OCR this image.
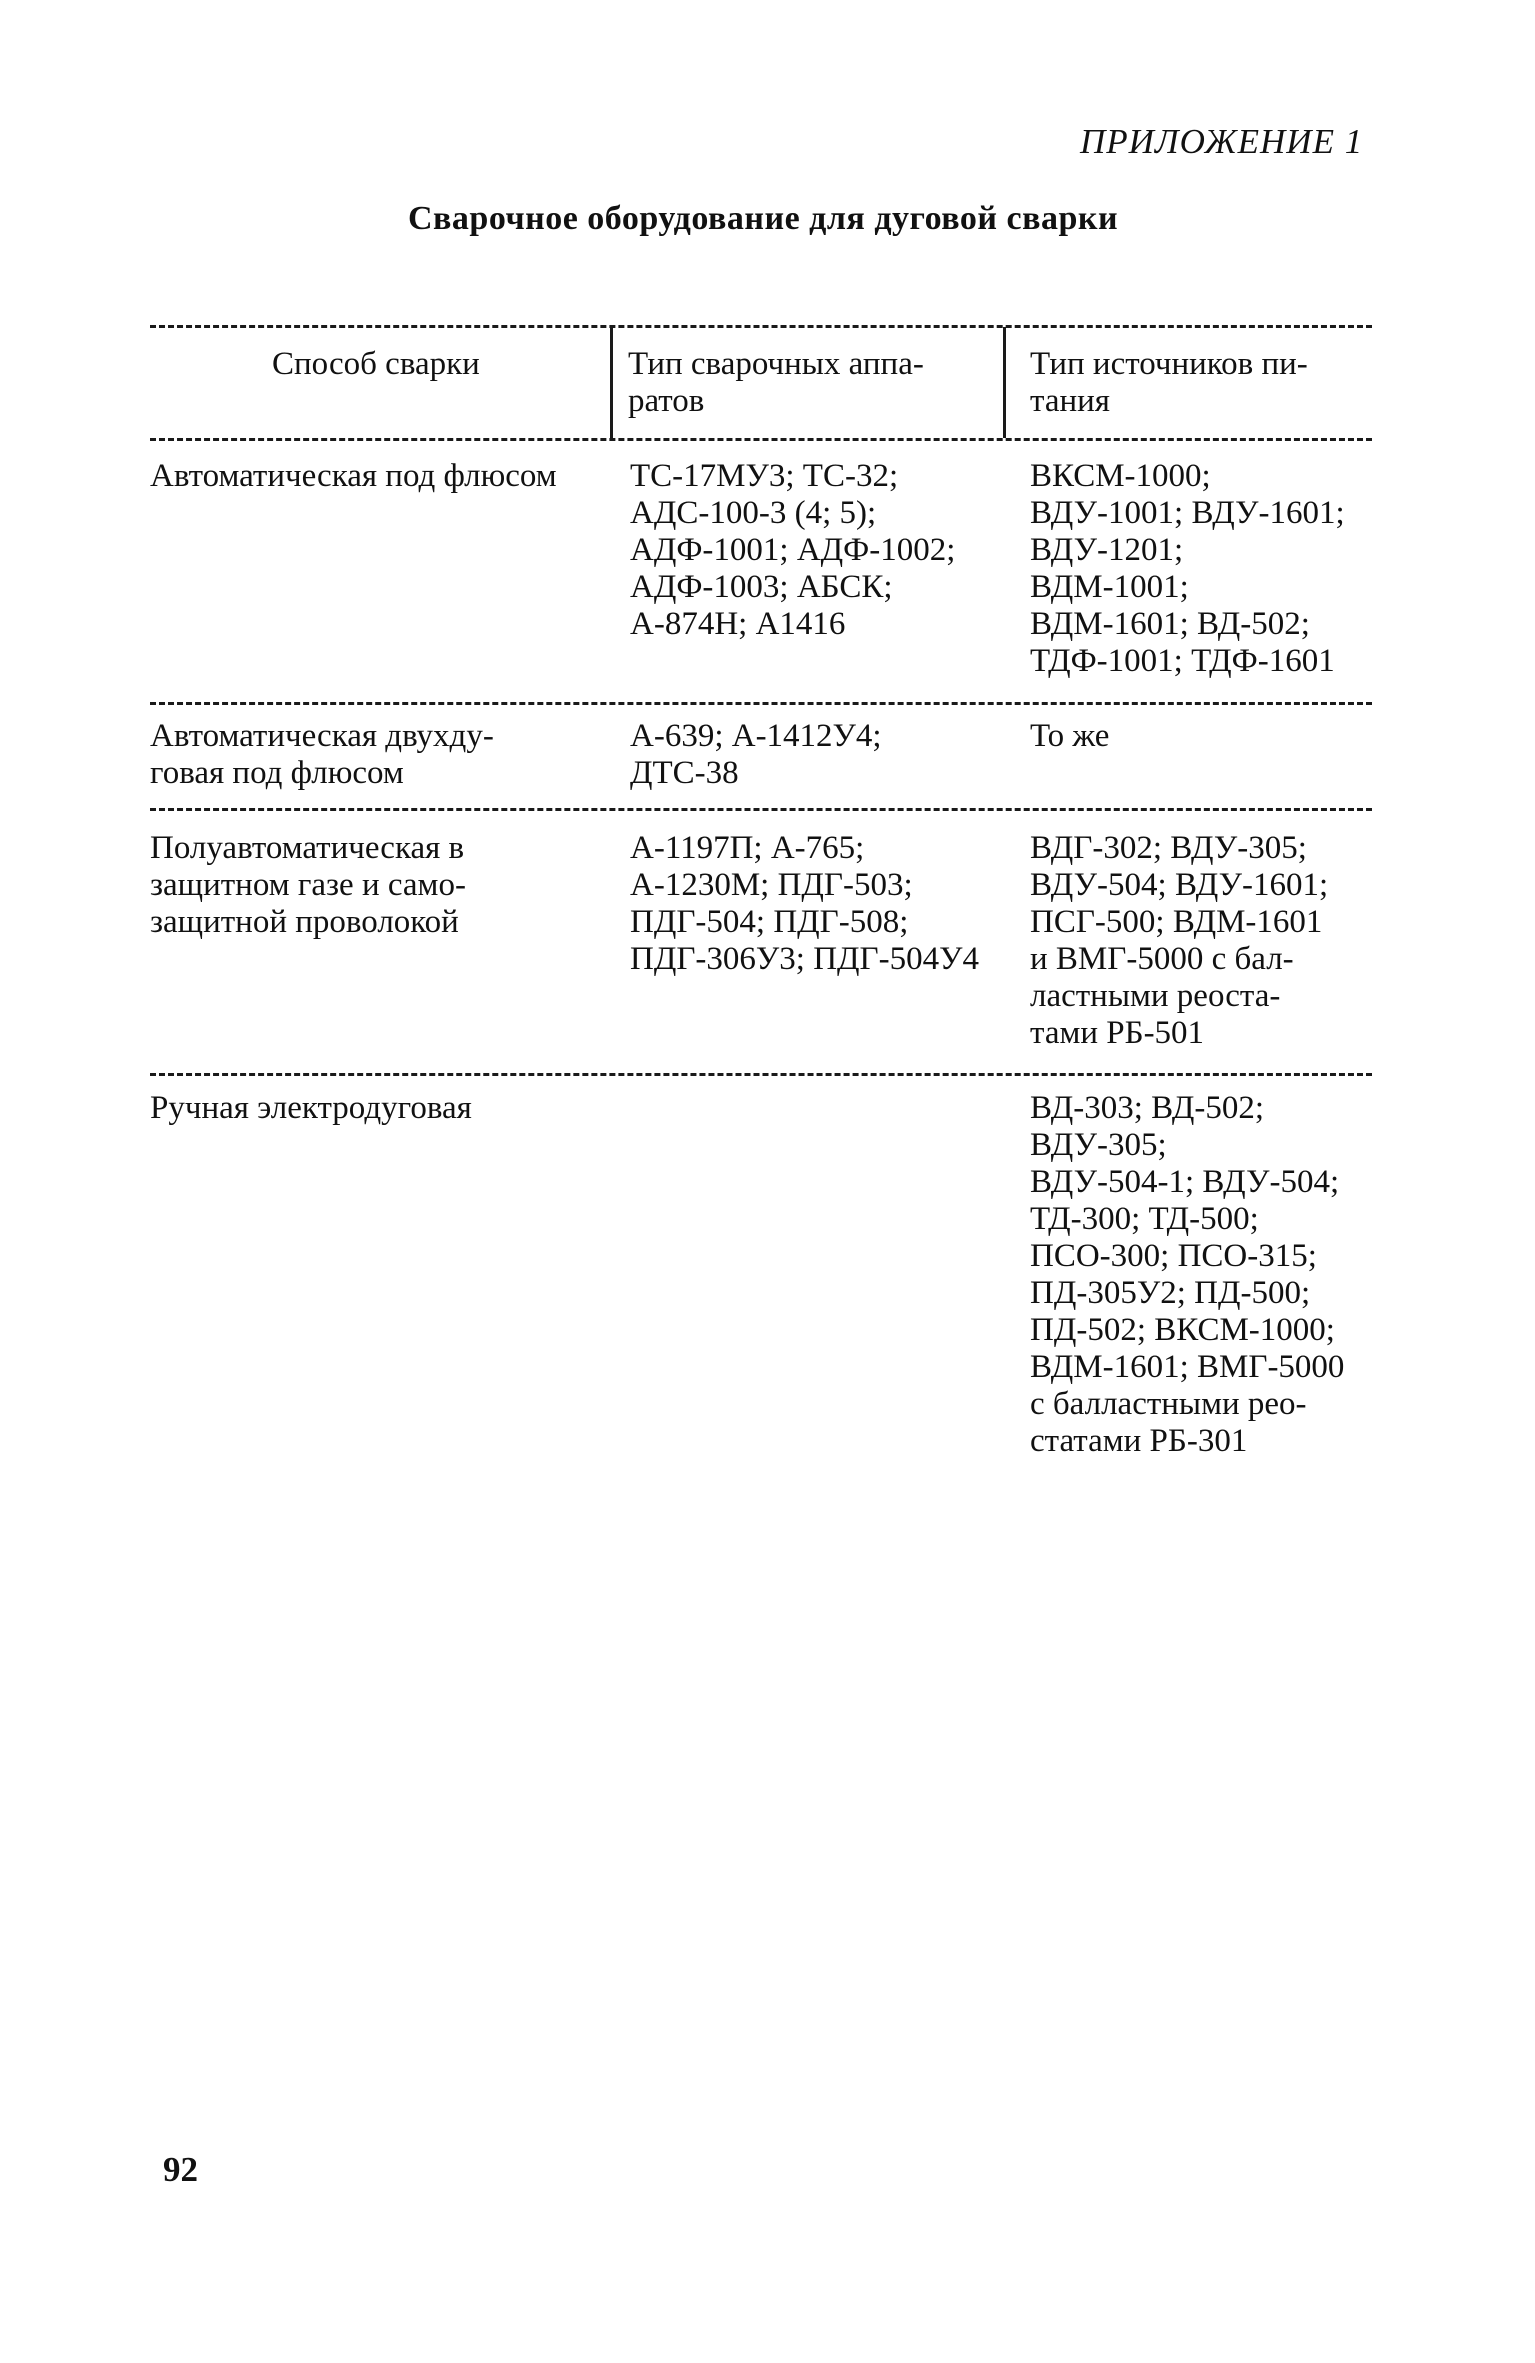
ПРИЛОЖЕНИЕ 1
Сварочное оборудование для дуговой сварки
Способ сварки	Тип сварочных аппа-
ратов
Тип источников пи-
тания
Автоматическая под флюсом ТС-17МУ3; ТС-32;
АДС-100-3 (4; 5);
АДФ-1001; АДФ-1002;
АДФ-1003; АБСК;
А-874Н; А1416
ВКСМ-1000;
ВДУ-1001; ВДУ-1601;
ВДУ-1201;
ВДМ-1001;
ВДМ-1601; ВД-502;
ТДФ-1001; ТДФ-1601
Автоматическая двухду-
говая под флюсом
А-639; А-1412У4;
ДТС-38
То же
Полуавтоматическая в
защитном газе и само-
защитной проволокой
А-1197П; А-765;
А-1230М; ПДГ-503;
ПДГ-504; ПДГ-508;
ПДГ-306У3; ПДГ-504У4
ВДГ-302; ВДУ-305;
ВДУ-504; ВДУ-1601;
ПСГ-500; ВДМ-1601
и ВМГ-5000 с бал-
ластными реоста-
тами РБ-501
Ручная электродуговая	ВД-303; ВД-502;
ВДУ-305;
ВДУ-504-1; ВДУ-504;
ТД-300; ТД-500;
ПСО-300; ПСО-315;
ПД-305У2; ПД-500;
ПД-502; ВКСМ-1000;
ВДМ-1601; ВМГ-5000
с балластными рео-
статами РБ-301
92
